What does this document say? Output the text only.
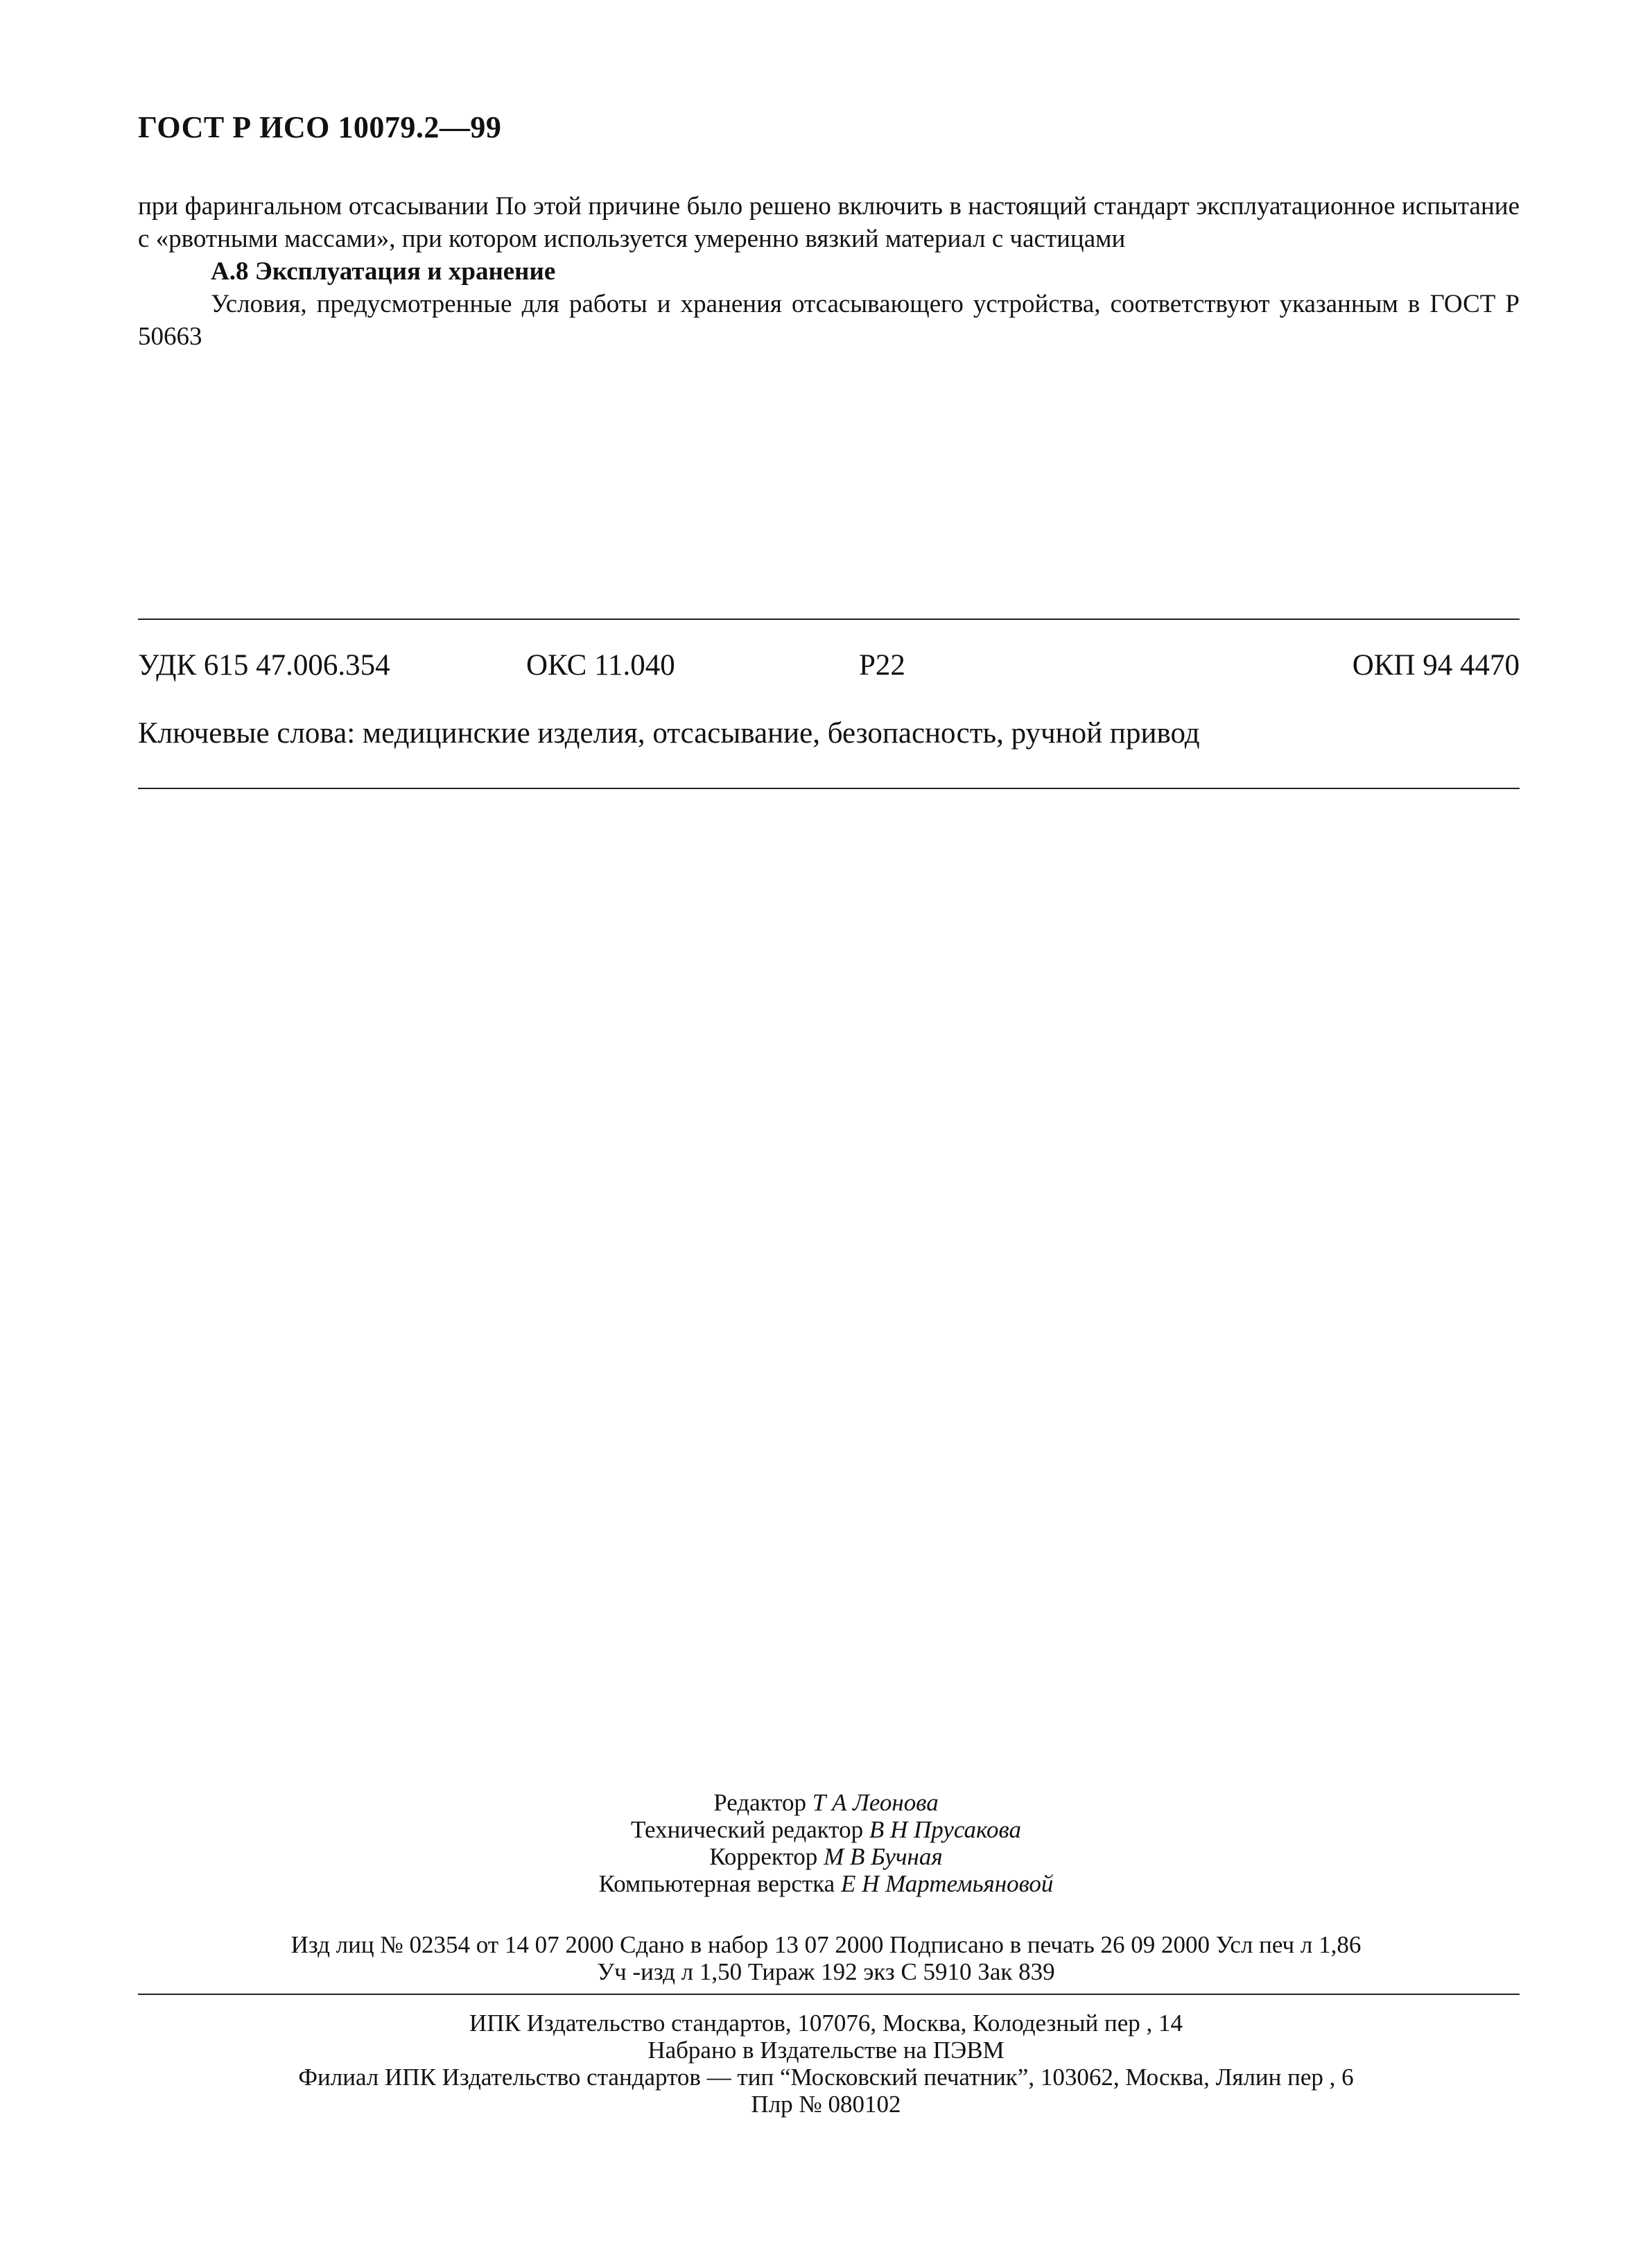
ГОСТ Р ИСО 10079.2—99

при фарингальном отсасывании По этой причине было решено включить в настоящий стандарт эксплуатационное испытание с «рвотными массами», при котором используется умеренно вязкий материал с частицами

А.8 Эксплуатация и хранение

Условия, предусмотренные для работы и хранения отсасывающего устройства, соответствуют указанным в ГОСТ Р 50663

УДК 615 47.006.354	ОКС 11.040	Р22	ОКП 94 4470
Ключевые слова: медицинские изделия, отсасывание, безопасность, ручной привод
Редактор Т А Леонова
Технический редактор В Н Прусакова
Корректор М В Бучная
Компьютерная верстка Е Н Мартемьяновой
Изд лиц № 02354 от 14 07 2000 Сдано в набор 13 07 2000 Подписано в печать 26 09 2000 Усл печ л 1,86
Уч -изд л 1,50 Тираж 192 экз С 5910 Зак 839
ИПК Издательство стандартов, 107076, Москва, Колодезный пер , 14
Набрано в Издательстве на ПЭВМ
Филиал ИПК Издательство стандартов — тип “Московский печатник”, 103062, Москва, Лялин пер , 6
Плр № 080102
